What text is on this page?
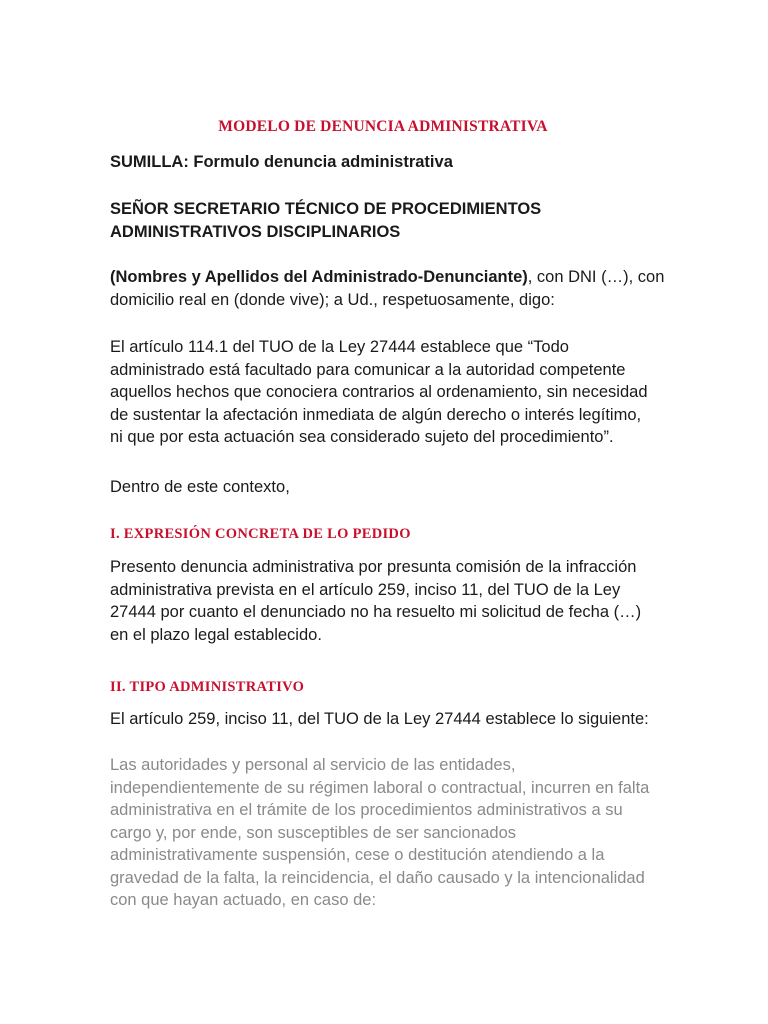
MODELO DE DENUNCIA ADMINISTRATIVA

SUMILLA: Formulo denuncia administrativa

SEÑOR SECRETARIO TÉCNICO DE PROCEDIMIENTOS
ADMINISTRATIVOS DISCIPLINARIOS

(Nombres y Apellidos del Administrado-Denunciante), con DNI (…), con
domicilio real en (donde vive); a Ud., respetuosamente, digo:

El artículo 114.1 del TUO de la Ley 27444 establece que “Todo
administrado está facultado para comunicar a la autoridad competente
aquellos hechos que conociera contrarios al ordenamiento, sin necesidad
de sustentar la afectación inmediata de algún derecho o interés legítimo,
ni que por esta actuación sea considerado sujeto del procedimiento”.

Dentro de este contexto,

I. EXPRESIÓN CONCRETA DE LO PEDIDO

Presento denuncia administrativa por presunta comisión de la infracción
administrativa prevista en el artículo 259, inciso 11, del TUO de la Ley
27444 por cuanto el denunciado no ha resuelto mi solicitud de fecha (…)
en el plazo legal establecido.

II. TIPO ADMINISTRATIVO

El artículo 259, inciso 11, del TUO de la Ley 27444 establece lo siguiente:

Las autoridades y personal al servicio de las entidades,
independientemente de su régimen laboral o contractual, incurren en falta
administrativa en el trámite de los procedimientos administrativos a su
cargo y, por ende, son susceptibles de ser sancionados
administrativamente suspensión, cese o destitución atendiendo a la
gravedad de la falta, la reincidencia, el daño causado y la intencionalidad
con que hayan actuado, en caso de:
